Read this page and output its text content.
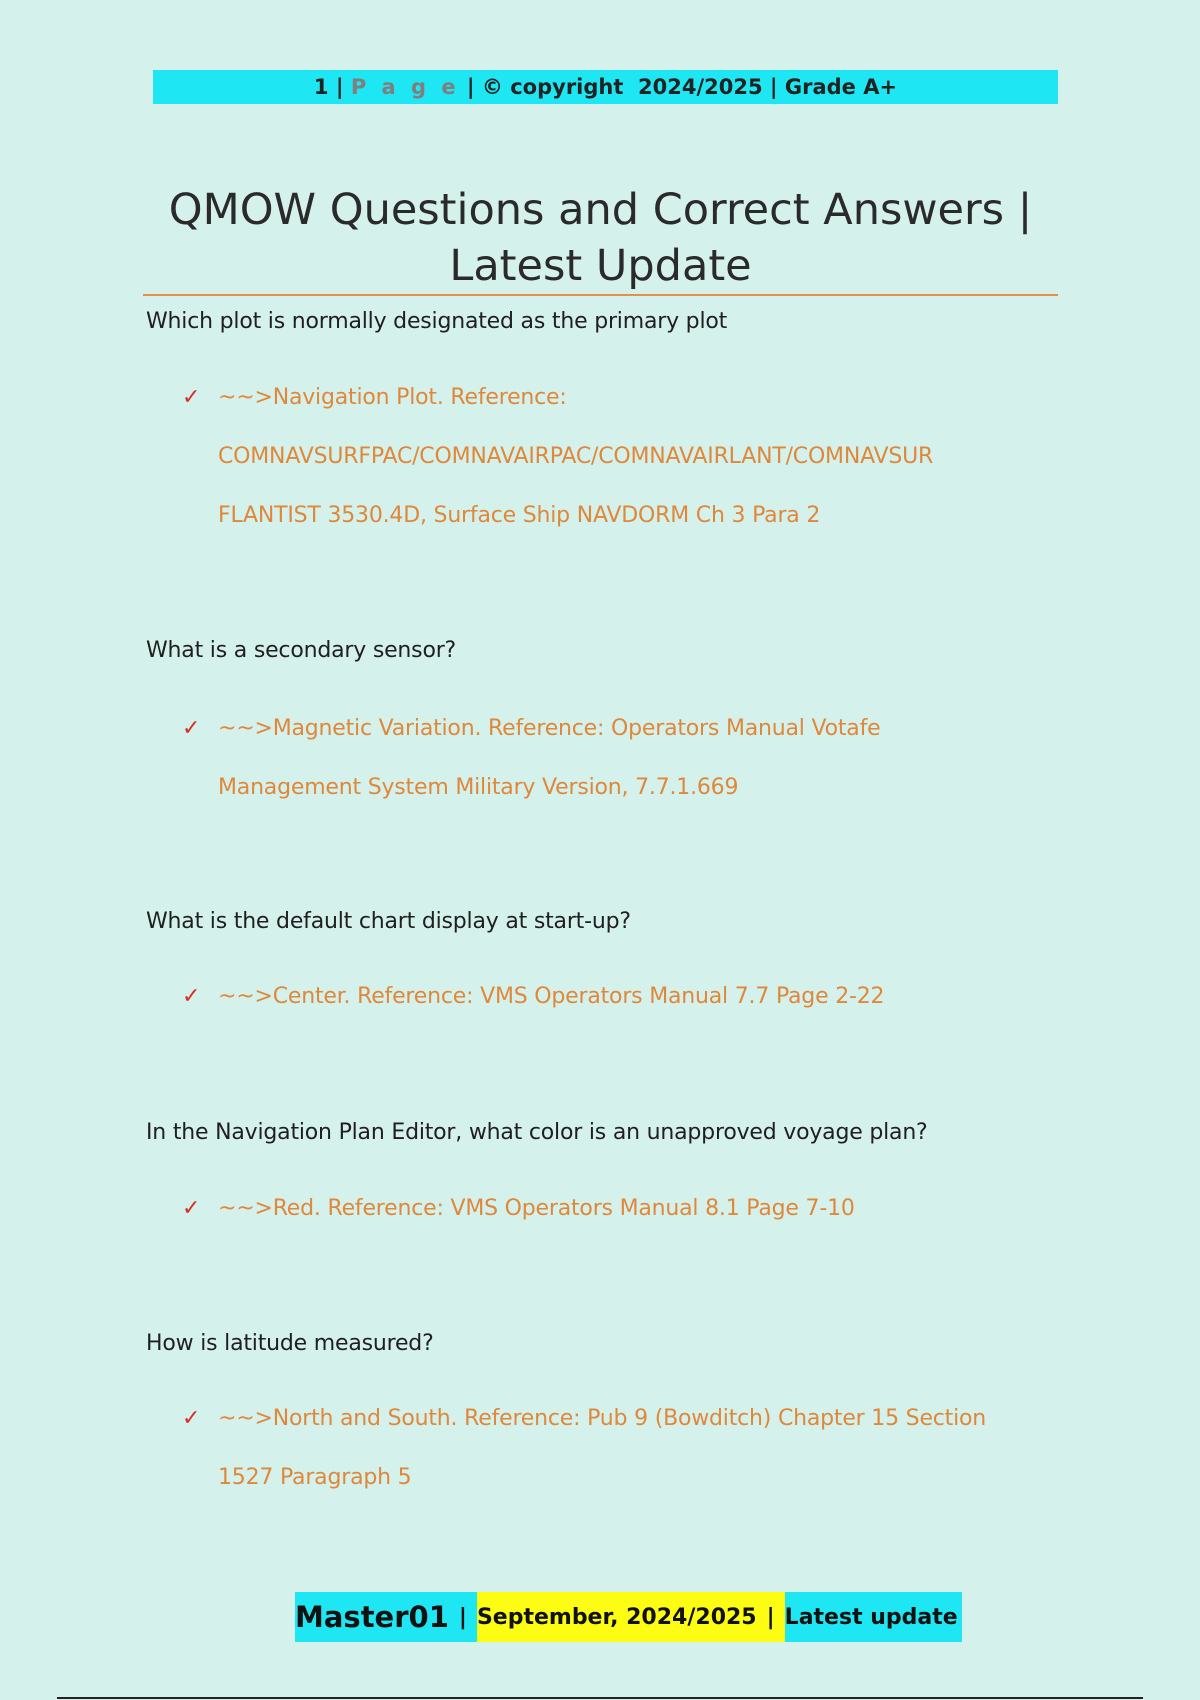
1 | P a g e | © copyright  2024/2025 | Grade A+
QMOW Questions and Correct Answers |
Latest Update
Which plot is normally designated as the primary plot
✓ ~~>Navigation Plot. Reference:
COMNAVSURFPAC/COMNAVAIRPAC/COMNAVAIRLANT/COMNAVSUR
FLANTIST 3530.4D, Surface Ship NAVDORM Ch 3 Para 2
What is a secondary sensor?
✓ ~~>Magnetic Variation. Reference: Operators Manual Votafe
Management System Military Version, 7.7.1.669
What is the default chart display at start-up?
✓ ~~>Center. Reference: VMS Operators Manual 7.7 Page 2-22
In the Navigation Plan Editor, what color is an unapproved voyage plan?
✓ ~~>Red. Reference: VMS Operators Manual 8.1 Page 7-10
How is latitude measured?
✓ ~~>North and South. Reference: Pub 9 (Bowditch) Chapter 15 Section
1527 Paragraph 5
Master01 | September, 2024/2025 | Latest update
